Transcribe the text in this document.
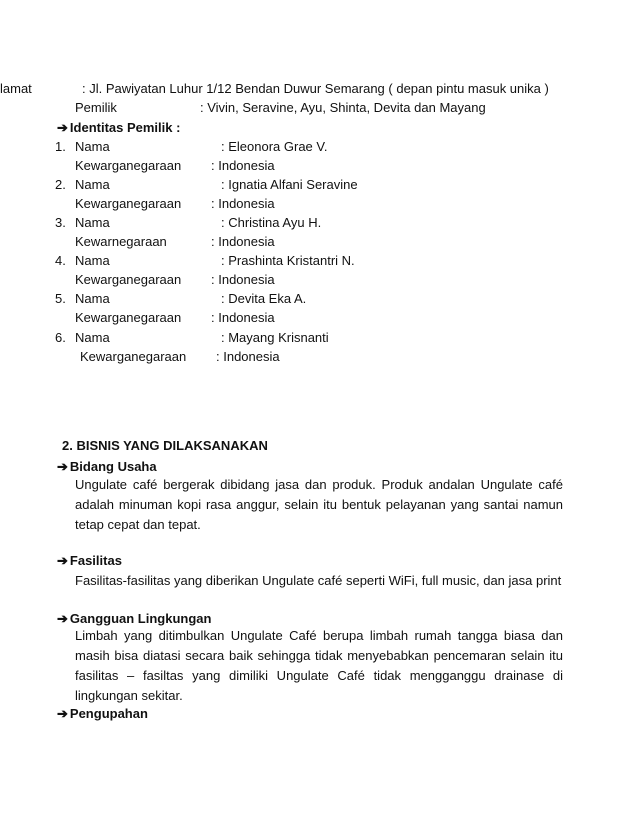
lamat	: Jl. Pawiyatan Luhur 1/12 Bendan Duwur Semarang ( depan pintu masuk unika )
Pemilik	: Vivin, Seravine, Ayu, Shinta, Devita dan Mayang
➔ Identitas Pemilik :
1. Nama	: Eleonora Grae V.
Kewarganegaraan : Indonesia
2. Nama	: Ignatia Alfani Seravine
Kewarganegaraan : Indonesia
3. Nama	: Christina Ayu H.
Kewarnegaraan	: Indonesia
4. Nama	: Prashinta Kristantri N.
Kewarganegaraan : Indonesia
5. Nama	: Devita Eka A.
Kewarganegaraan : Indonesia
6. Nama	: Mayang Krisnanti
Kewarganegaraan : Indonesia
2. BISNIS YANG DILAKSANAKAN
➔ Bidang Usaha
Ungulate café bergerak dibidang jasa dan produk. Produk andalan Ungulate café adalah minuman kopi rasa anggur, selain itu bentuk pelayanan yang santai namun tetap cepat dan tepat.
➔ Fasilitas
Fasilitas-fasilitas yang diberikan Ungulate café seperti WiFi, full music, dan jasa print
➔ Gangguan Lingkungan
Limbah yang ditimbulkan Ungulate Café berupa limbah rumah tangga biasa dan masih bisa diatasi secara baik sehingga tidak menyebabkan pencemaran selain itu fasilitas – fasiltas yang dimiliki Ungulate Café tidak mengganggu drainase di lingkungan sekitar.
➔ Pengupahan
